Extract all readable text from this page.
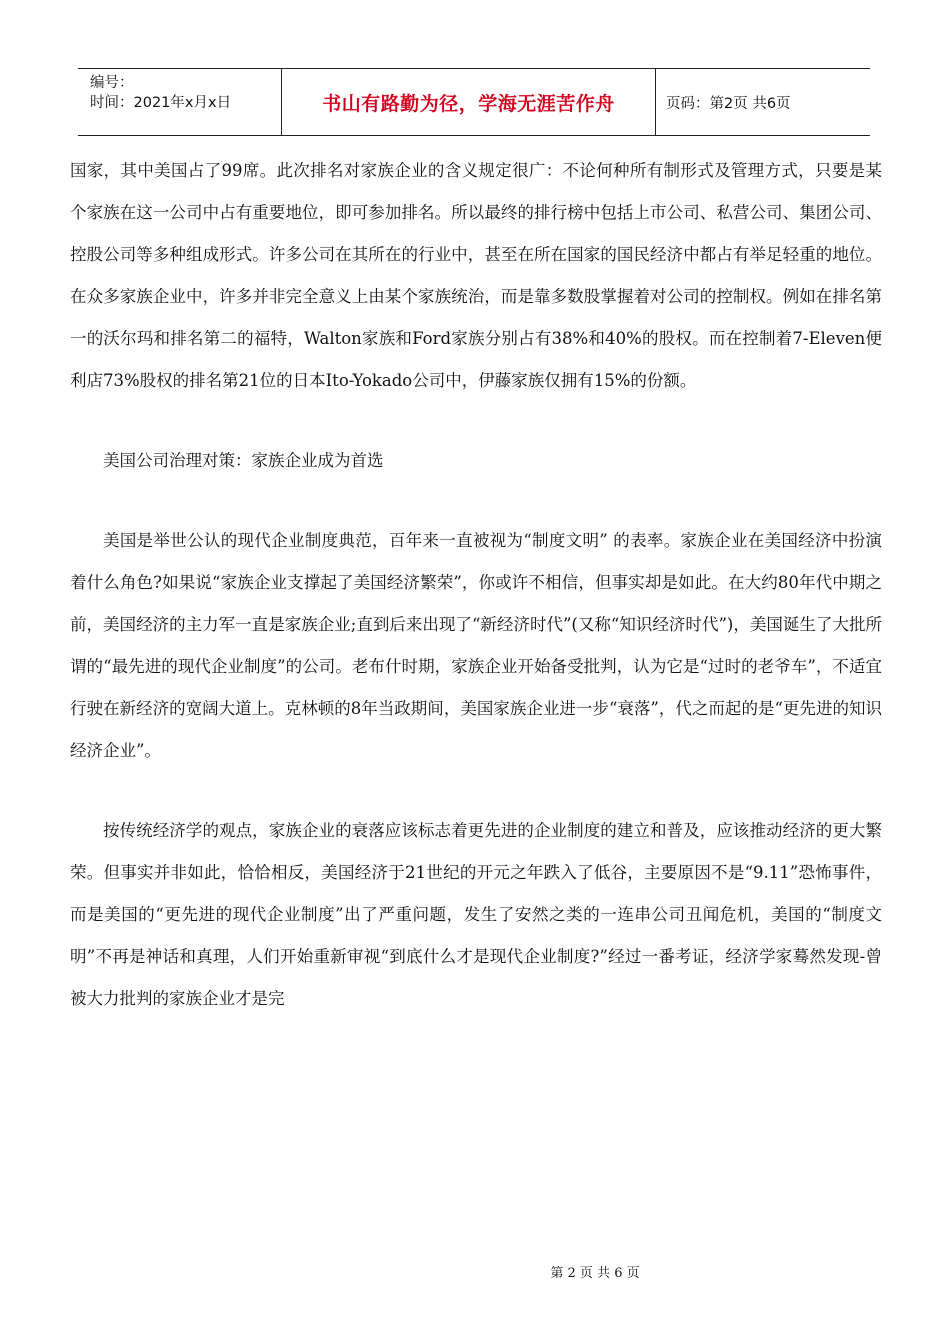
编号：
时间：2021年x月x日	书山有路勤为径，学海无涯苦作舟	页码：第2页 共6页

国家，其中美国占了99席。此次排名对家族企业的含义规定很广：不论何种所有制形式及管理方式，只要是某个家族在这一公司中占有重要地位，即可参加排名。所以最终的排行榜中包括上市公司、私营公司、集团公司、控股公司等多种组成形式。许多公司在其所在的行业中，甚至在所在国家的国民经济中都占有举足轻重的地位。在众多家族企业中，许多并非完全意义上由某个家族统治，而是靠多数股掌握着对公司的控制权。例如在排名第一的沃尔玛和排名第二的福特，Walton家族和Ford家族分别占有38%和40%的股权。而在控制着7-Eleven便利店73%股权的排名第21位的日本Ito-Yokado公司中，伊藤家族仅拥有15%的份额。

美国公司治理对策：家族企业成为首选

美国是举世公认的现代企业制度典范，百年来一直被视为“制度文明” 的表率。家族企业在美国经济中扮演着什么角色?如果说“家族企业支撑起了美国经济繁荣”，你或许不相信，但事实却是如此。在大约80年代中期之前，美国经济的主力军一直是家族企业;直到后来出现了“新经济时代”(又称“知识经济时代”)，美国诞生了大批所谓的“最先进的现代企业制度”的公司。老布什时期，家族企业开始备受批判，认为它是“过时的老爷车”，不适宜行驶在新经济的宽阔大道上。克林顿的8年当政期间，美国家族企业进一步“衰落”，代之而起的是“更先进的知识经济企业”。

按传统经济学的观点，家族企业的衰落应该标志着更先进的企业制度的建立和普及，应该推动经济的更大繁荣。但事实并非如此，恰恰相反，美国经济于21世纪的开元之年跌入了低谷，主要原因不是“9.11”恐怖事件，而是美国的“更先进的现代企业制度”出了严重问题，发生了安然之类的一连串公司丑闻危机，美国的“制度文明”不再是神话和真理，人们开始重新审视“到底什么才是现代企业制度?”经过一番考证，经济学家蓦然发现-曾被大力批判的家族企业才是完

第 2 页 共 6 页
